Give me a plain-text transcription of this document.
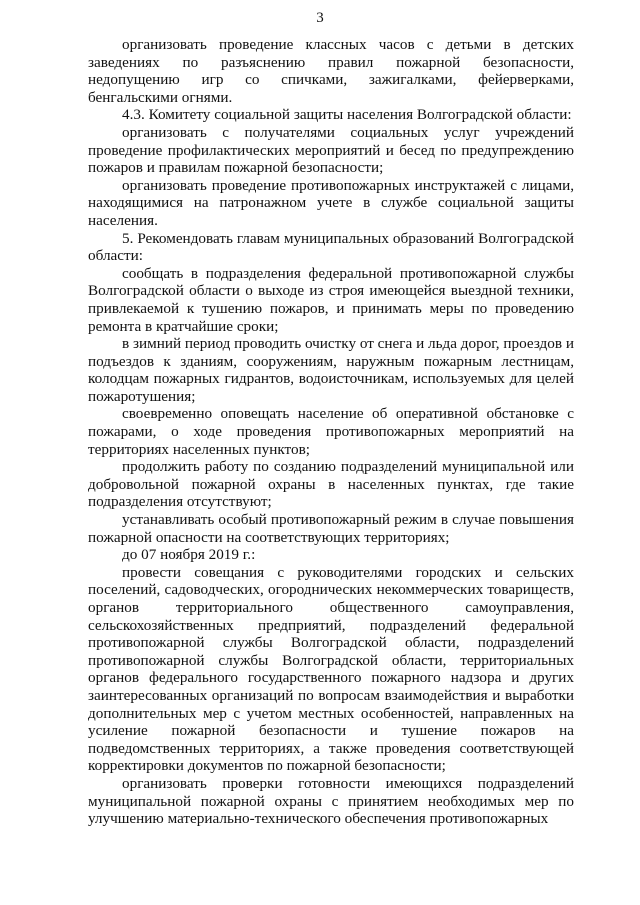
3

организовать проведение классных часов с детьми в детских заведениях по разъяснению правил пожарной безопасности, недопущению игр со спичками, зажигалками, фейерверками, бенгальскими огнями.

4.3. Комитету социальной защиты населения Волгоградской области:

организовать с получателями социальных услуг учреждений проведение профилактических мероприятий и бесед по предупреждению пожаров и правилам пожарной безопасности;

организовать проведение противопожарных инструктажей с лицами, находящимися на патронажном учете в службе социальной защиты населения.

5. Рекомендовать главам муниципальных образований Волгоградской области:

сообщать в подразделения федеральной противопожарной службы Волгоградской области о выходе из строя имеющейся выездной техники, привлекаемой к тушению пожаров, и принимать меры по проведению ремонта в кратчайшие сроки;

в зимний период проводить очистку от снега и льда дорог, проездов и подъездов к зданиям, сооружениям, наружным пожарным лестницам, колодцам пожарных гидрантов, водоисточникам, используемых для целей пожаротушения;

своевременно оповещать население об оперативной обстановке с пожарами, о ходе проведения противопожарных мероприятий на территориях населенных пунктов;

продолжить работу по созданию подразделений муниципальной или добровольной пожарной охраны в населенных пунктах, где такие подразделения отсутствуют;

устанавливать особый противопожарный режим в случае повышения пожарной опасности на соответствующих территориях;

до 07 ноября 2019 г.:

провести совещания с руководителями городских и сельских поселений, садоводческих, огороднических некоммерческих товариществ, органов территориального общественного самоуправления, сельскохозяйственных предприятий, подразделений федеральной противопожарной службы Волгоградской области, подразделений противопожарной службы Волгоградской области, территориальных органов федерального государственного пожарного надзора и других заинтересованных организаций по вопросам взаимодействия и выработки дополнительных мер с учетом местных особенностей, направленных на усиление пожарной безопасности и тушение пожаров на подведомственных территориях, а также проведения соответствующей корректировки документов по пожарной безопасности;

организовать проверки готовности имеющихся подразделений муниципальной пожарной охраны с принятием необходимых мер по улучшению материально-технического обеспечения противопожарных
